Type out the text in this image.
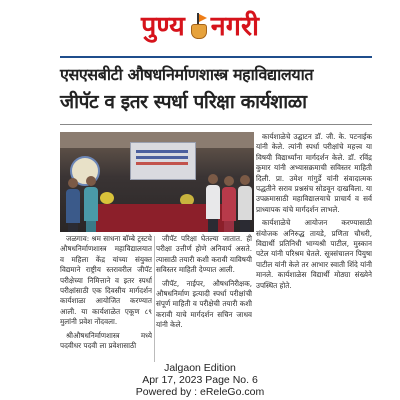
पुण्य नगरी
एसएसबीटी औषधनिर्माणशास्त्र महाविद्यालयात
जीपॅट व इतर स्पर्धा परिक्षा कार्यशाळा

कार्यशाळेचे उद्घाटन डॉ. जी. के. पटनाईक यांनी केले. त्यांनी स्पर्धा परीक्षांचे महत्त्व या विषयी विद्यार्थ्यांना मार्गदर्शन केले. डॉ. रविंद्र कुमार यांनी अभ्यासक्रमाची सविस्तर माहिती दिली. प्रा. उमेश गांगुर्डे यांनी संवादात्मक पद्धतीने सराव प्रश्नसंच सोडवून दाखविला. या उपक्रमासाठी महाविद्यालयाचे प्राचार्य व सर्व प्राध्यापक यांचे मार्गदर्शन लाभले.

कार्यशाळेचे आयोजन करण्यासाठी संयोजक अनिरुद्ध तायडे, प्रणिता चौधरी, विद्यार्थी प्रतिनिधी भाग्यश्री पाटील, मुस्कान पटेल यांनी परिश्रम घेतले. सूत्रसंचालन पियुषा पाटील यांनी केले तर आभार स्वाती शिंदे यांनी मानले. कार्यशाळेस विद्यार्थी मोठ्या संख्येने उपस्थित होते.

जळगाव: श्रम साधना बॉम्बे ट्रस्टचे औषधनिर्माणशास्त्र महाविद्यालयात व महिला केंद्र यांच्या संयुक्त विद्यमाने राष्ट्रीय स्तरावरील जीपॅट परीक्षेच्या निमित्ताने व इतर स्पर्धा परीक्षांसाठी एक दिवसीय मार्गदर्शन कार्यशाळा आयोजित करण्यात आली. या कार्यशाळेत एकूण ८९ मुलांनी प्रवेश नोंदवला.

श्रीऔषधनिर्माणशास्त्र मध्ये पदवीधर पदवी ला प्रवेशासाठी

जीपॅट परिक्षा घेतल्या जातात. ही परीक्षा उत्तीर्ण होणे अनिवार्य असते. त्यासाठी तयारी कशी करावी याविषयी सविस्तर माहिती देण्यात आली.

जीपॅट, नाईपर, औषधनिरीक्षक, औषधनिर्माण इत्यादी स्पर्धा परीक्षांची संपूर्ण माहिती व परीक्षेची तयारी कशी करावी याचे मार्गदर्शन सचिन जाधव यांनी केले.

Jalgaon Edition
Apr 17, 2023 Page No. 6
Powered by : eReleGo.com
